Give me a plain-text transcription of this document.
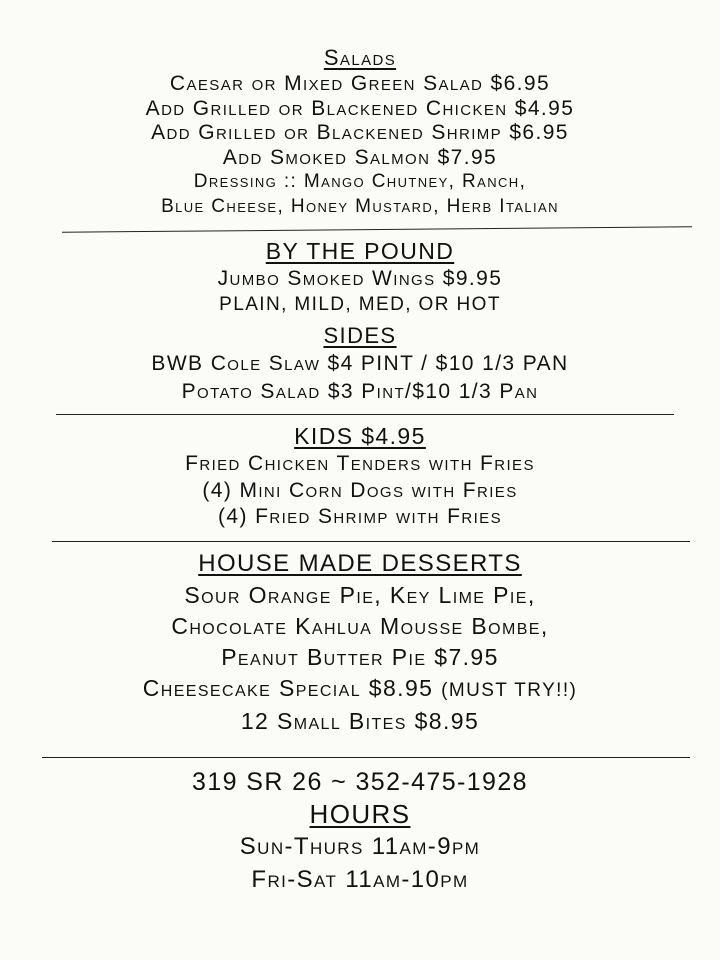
Salads

Caesar or Mixed Green Salad $6.95

Add Grilled or Blackened Chicken $4.95

Add Grilled or Blackened Shrimp $6.95

Add Smoked Salmon $7.95

Dressing :: Mango Chutney, Ranch,

Blue Cheese, Honey Mustard, Herb Italian

BY THE POUND

Jumbo Smoked Wings $9.95

PLAIN, MILD, MED, OR HOT

SIDES

BWB Cole Slaw $4 PINT / $10 1/3 PAN

Potato Salad $3 Pint/$10 1/3 Pan

KIDS $4.95

Fried Chicken Tenders with Fries

(4) Mini Corn Dogs with Fries

(4) Fried Shrimp with Fries

HOUSE MADE DESSERTS

Sour Orange Pie, Key Lime Pie,

Chocolate Kahlua Mousse Bombe,

Peanut Butter Pie $7.95

Cheesecake Special $8.95 (MUST TRY!!)

12 Small Bites $8.95

319 SR 26 ~ 352-475-1928

HOURS

Sun-Thurs 11am-9pm

Fri-Sat 11am-10pm
